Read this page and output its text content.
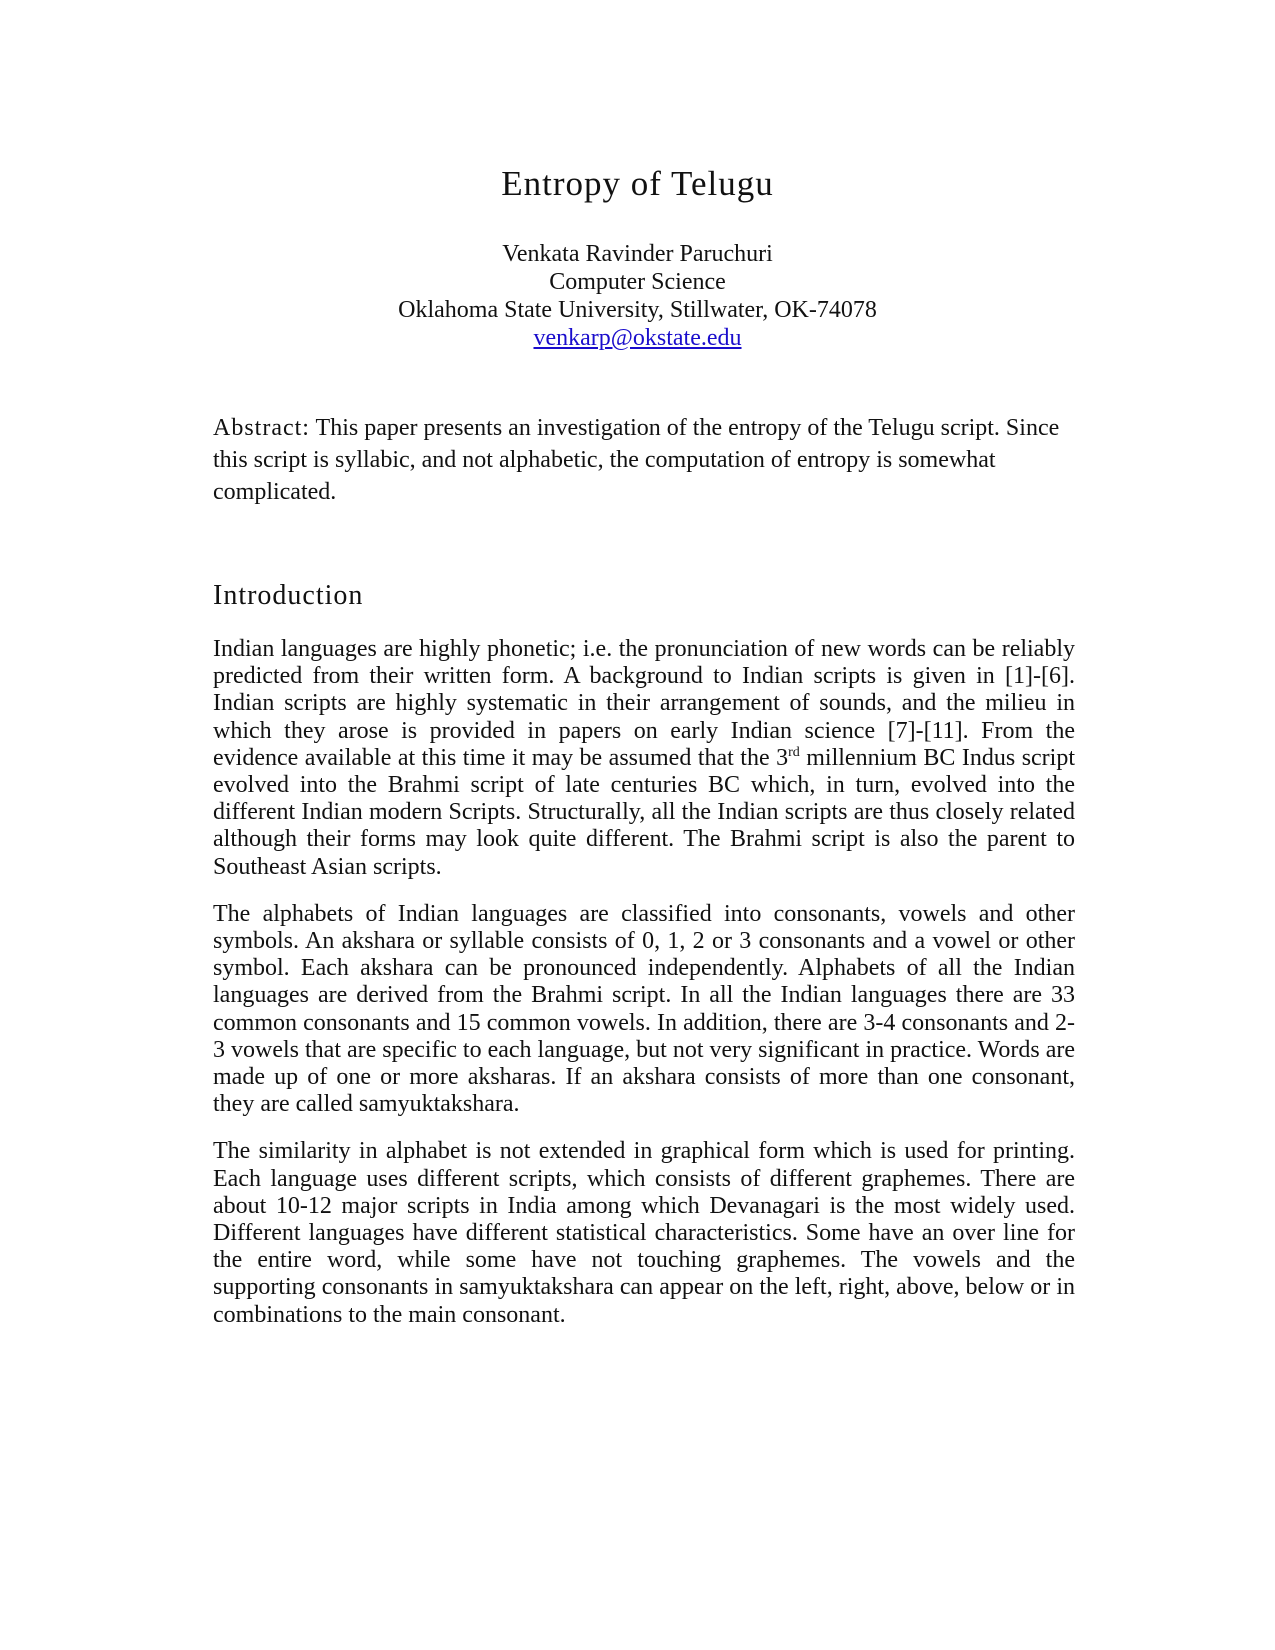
Entropy of Telugu
Venkata Ravinder Paruchuri
Computer Science
Oklahoma State University, Stillwater, OK-74078
venkarp@okstate.edu
Abstract: This paper presents an investigation of the entropy of the Telugu script. Since this script is syllabic, and not alphabetic, the computation of entropy is somewhat complicated.
Introduction

Indian languages are highly phonetic; i.e. the pronunciation of new words can be reliably predicted from their written form. A background to Indian scripts is given in [1]-[6]. Indian scripts are highly systematic in their arrangement of sounds, and the milieu in which they arose is provided in papers on early Indian science [7]-[11]. From the evidence available at this time it may be assumed that the 3rd millennium BC Indus script evolved into the Brahmi script of late centuries BC which, in turn, evolved into the different Indian modern Scripts. Structurally, all the Indian scripts are thus closely related although their forms may look quite different. The Brahmi script is also the parent to Southeast Asian scripts.

The alphabets of Indian languages are classified into consonants, vowels and other symbols. An akshara or syllable consists of 0, 1, 2 or 3 consonants and a vowel or other symbol. Each akshara can be pronounced independently. Alphabets of all the Indian languages are derived from the Brahmi script. In all the Indian languages there are 33 common consonants and 15 common vowels. In addition, there are 3-4 consonants and 2-3 vowels that are specific to each language, but not very significant in practice. Words are made up of one or more aksharas. If an akshara consists of more than one consonant, they are called samyuktakshara.

The similarity in alphabet is not extended in graphical form which is used for printing. Each language uses different scripts, which consists of different graphemes. There are about 10-12 major scripts in India among which Devanagari is the most widely used. Different languages have different statistical characteristics. Some have an over line for the entire word, while some have not touching graphemes. The vowels and the supporting consonants in samyuktakshara can appear on the left, right, above, below or in combinations to the main consonant.
